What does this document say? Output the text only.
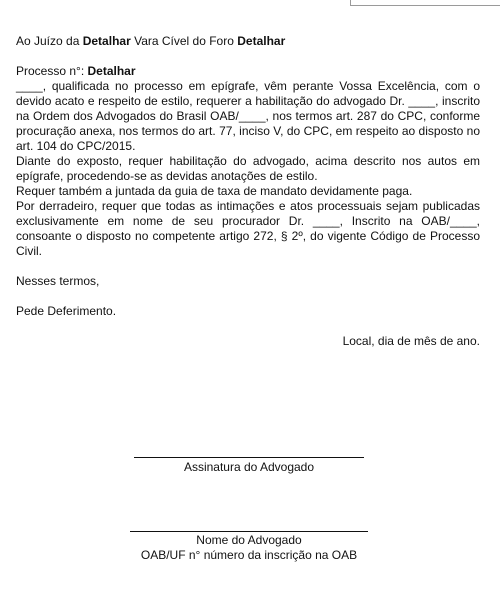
Ao Juízo da Detalhar Vara Cível do Foro Detalhar

Processo n°: Detalhar

____, qualificada no processo em epígrafe, vêm perante Vossa Excelência, com o devido acato e respeito de estilo, requerer a habilitação do advogado Dr. ____, inscrito na Ordem dos Advogados do Brasil OAB/____, nos termos art. 287 do CPC, conforme procuração anexa, nos termos do art. 77, inciso V, do CPC, em respeito ao disposto no art. 104 do CPC/2015.

Diante do exposto, requer habilitação do advogado, acima descrito nos autos em epígrafe, procedendo-se as devidas anotações de estilo.

Requer também a juntada da guia de taxa de mandato devidamente paga.

Por derradeiro, requer que todas as intimações e atos processuais sejam publicadas exclusivamente em nome de seu procurador Dr. ____, Inscrito na OAB/____, consoante o disposto no competente artigo 272, § 2º, do vigente Código de Processo Civil.

Nesses termos,

Pede Deferimento.

Local, dia de mês de ano.

Assinatura do Advogado
Nome do Advogado
OAB/UF n° número da inscrição na OAB
